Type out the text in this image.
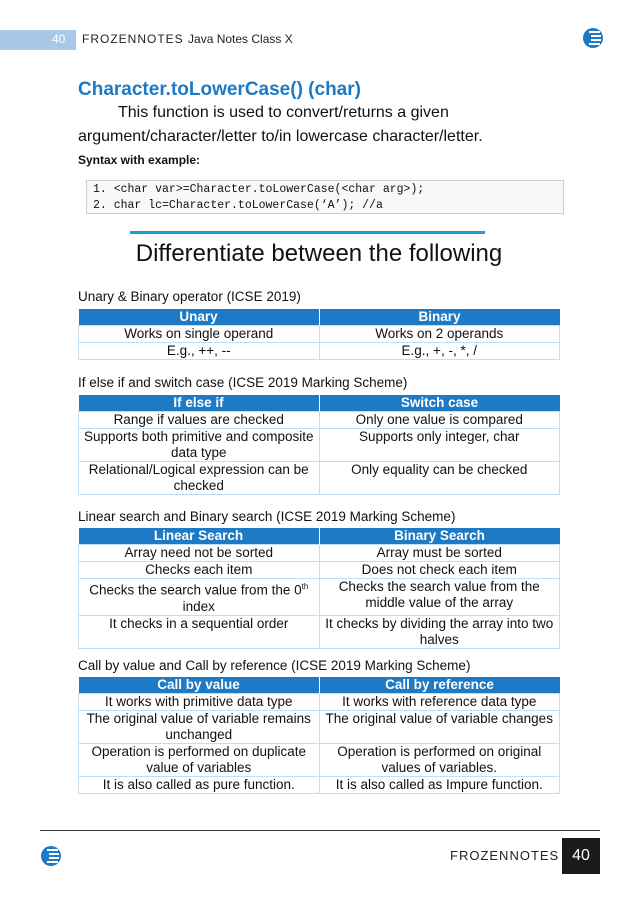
40 FROZENNOTES Java Notes Class X
Character.toLowerCase() (char)
This function is used to convert/returns a given argument/character/letter to/in lowercase character/letter.
Syntax with example:
1. <char var>=Character.toLowerCase(<char arg>);
2. char lc=Character.toLowerCase(‘A’); //a
Differentiate between the following
Unary & Binary operator (ICSE 2019)
Unary	Binary
Works on single operand	Works on 2 operands
E.g., ++, --	E.g., +, -, *, /
If else if and switch case (ICSE 2019 Marking Scheme)
If else if	Switch case
Range if values are checked	Only one value is compared
Supports both primitive and composite data type	Supports only integer, char
Relational/Logical expression can be checked	Only equality can be checked
Linear search and Binary search (ICSE 2019 Marking Scheme)
Linear Search	Binary Search
Array need not be sorted	Array must be sorted
Checks each item	Does not check each item
Checks the search value from the 0th
index	Checks the search value from the middle value of the array
It checks in a sequential order	It checks by dividing the array into two halves
Call by value and Call by reference (ICSE 2019 Marking Scheme)
Call by value	Call by reference
It works with primitive data type	It works with reference data type
The original value of variable remains unchanged	The original value of variable changes
Operation is performed on duplicate value of variables	Operation is performed on original values of variables.
It is also called as pure function.	It is also called as Impure function.
FROZENNOTES 40
